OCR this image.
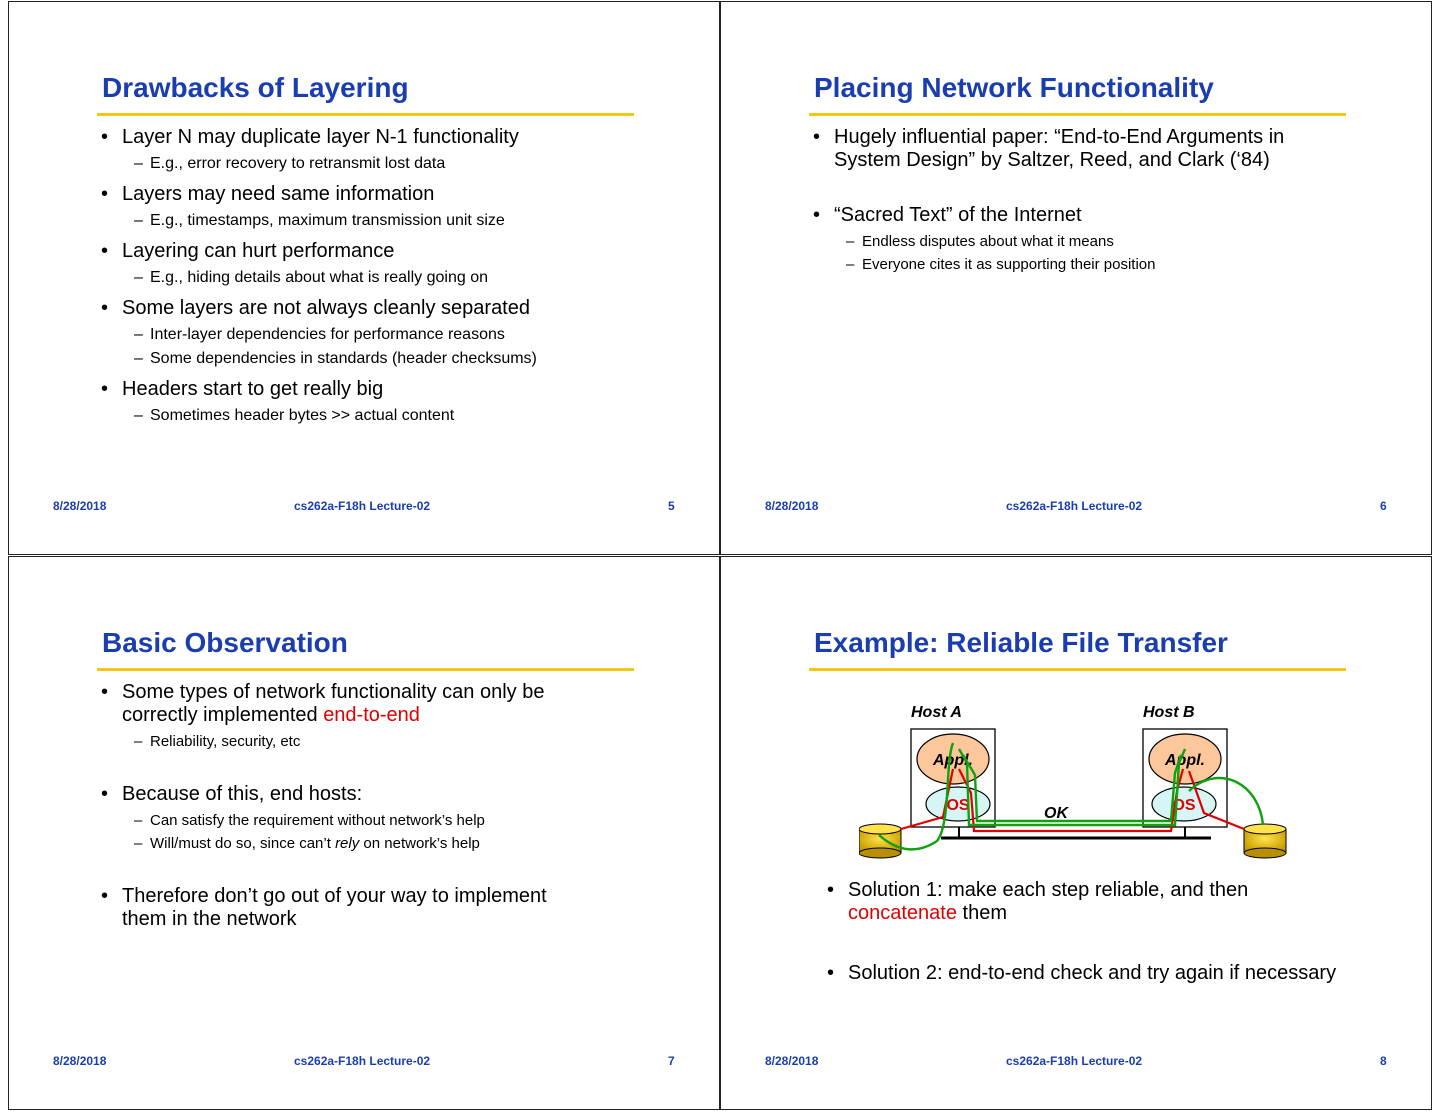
Drawbacks of Layering
• Layer N may duplicate layer N-1 functionality
– E.g., error recovery to retransmit lost data
• Layers may need same information
– E.g., timestamps, maximum transmission unit size
• Layering can hurt performance
– E.g., hiding details about what is really going on
• Some layers are not always cleanly separated
– Inter-layer dependencies for performance reasons
– Some dependencies in standards (header checksums)
• Headers start to get really big
– Sometimes header bytes >> actual content
8/28/2018	cs262a-F18h Lecture-02	5
Placing Network Functionality
• Hugely influential paper: “End-to-End Arguments in System Design” by Saltzer, Reed, and Clark (‘84)
• “Sacred Text” of the Internet
– Endless disputes about what it means
– Everyone cites it as supporting their position
8/28/2018	cs262a-F18h Lecture-02	6
Basic Observation
• Some types of network functionality can only be correctly implemented end-to-end
– Reliability, security, etc
• Because of this, end hosts:
– Can satisfy the requirement without network’s help
– Will/must do so, since can’t rely on network’s help
• Therefore don’t go out of your way to implement them in the network
8/28/2018	cs262a-F18h Lecture-02	7
Example: Reliable File Transfer
Host A	Host B
Appl.	Appl.
OS	OS
OK
• Solution 1: make each step reliable, and then concatenate them
• Solution 2: end-to-end check and try again if necessary
8/28/2018	cs262a-F18h Lecture-02	8
